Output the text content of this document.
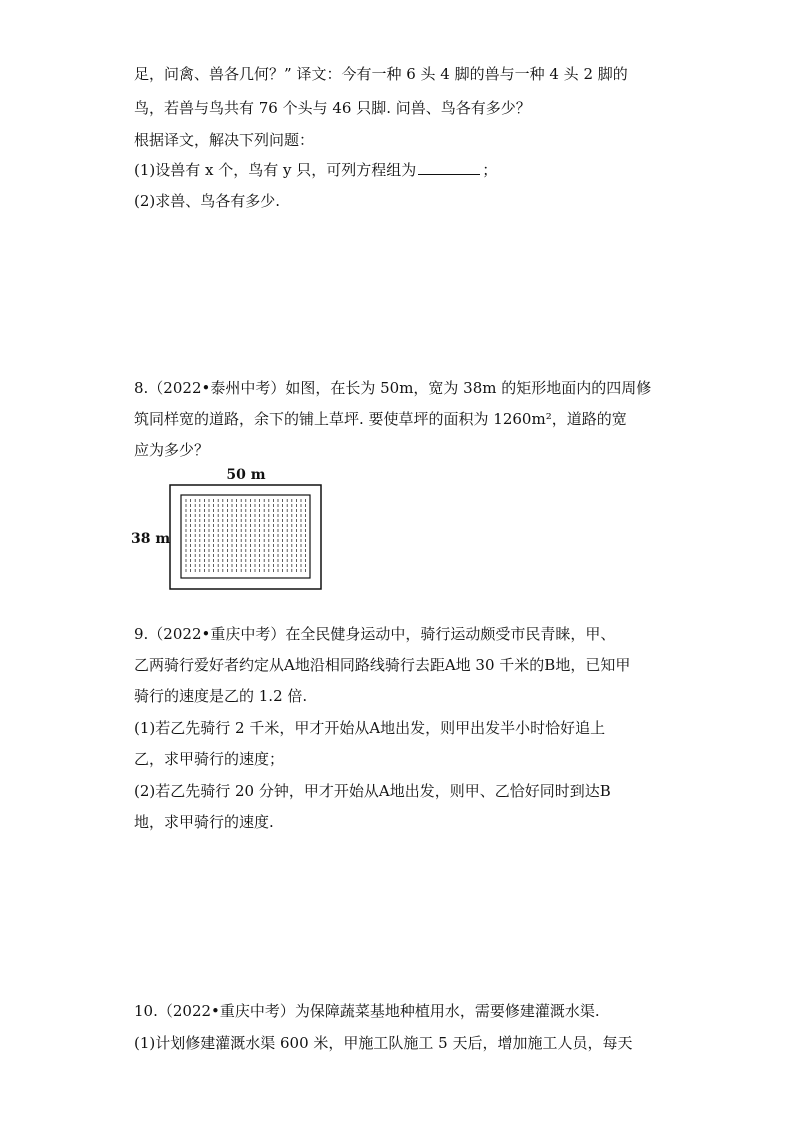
足，问禽、兽各几何？” 译文：今有一种 6 头 4 脚的兽与一种 4 头 2 脚的
鸟，若兽与鸟共有 76 个头与 46 只脚. 问兽、鸟各有多少？
根据译文，解决下列问题：
(1)设兽有 x 个，鸟有 y 只，可列方程组为	；
(2)求兽、鸟各有多少.
8.（2022•泰州中考）如图，在长为 50m，宽为 38m 的矩形地面内的四周修
筑同样宽的道路，余下的铺上草坪. 要使草坪的面积为 1260m²，道路的宽
应为多少？
50 m
38 m
9.（2022•重庆中考）在全民健身运动中，骑行运动颇受市民青睐，甲、
乙两骑行爱好者约定从A地沿相同路线骑行去距A地 30 千米的B地，已知甲
骑行的速度是乙的 1.2 倍.
(1)若乙先骑行 2 千米，甲才开始从A地出发，则甲出发半小时恰好追上
乙，求甲骑行的速度；
(2)若乙先骑行 20 分钟，甲才开始从A地出发，则甲、乙恰好同时到达B
地，求甲骑行的速度.
10.（2022•重庆中考）为保障蔬菜基地种植用水，需要修建灌溉水渠.
(1)计划修建灌溉水渠 600 米，甲施工队施工 5 天后，增加施工人员，每天
